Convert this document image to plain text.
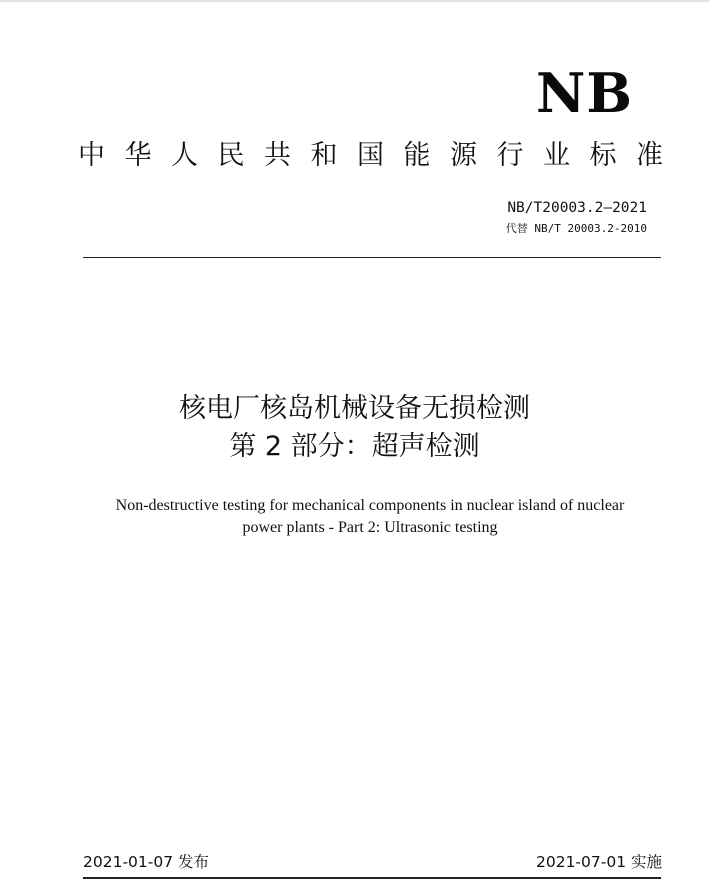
NB
中华人民共和国能源行业标准
NB/T20003.2—2021
代替 NB/T 20003.2-2010
核电厂核岛机械设备无损检测
第 2 部分：超声检测
Non-destructive testing for mechanical components in nuclear island of nuclear power plants - Part 2: Ultrasonic testing
2021-01-07 发布	2021-07-01 实施
